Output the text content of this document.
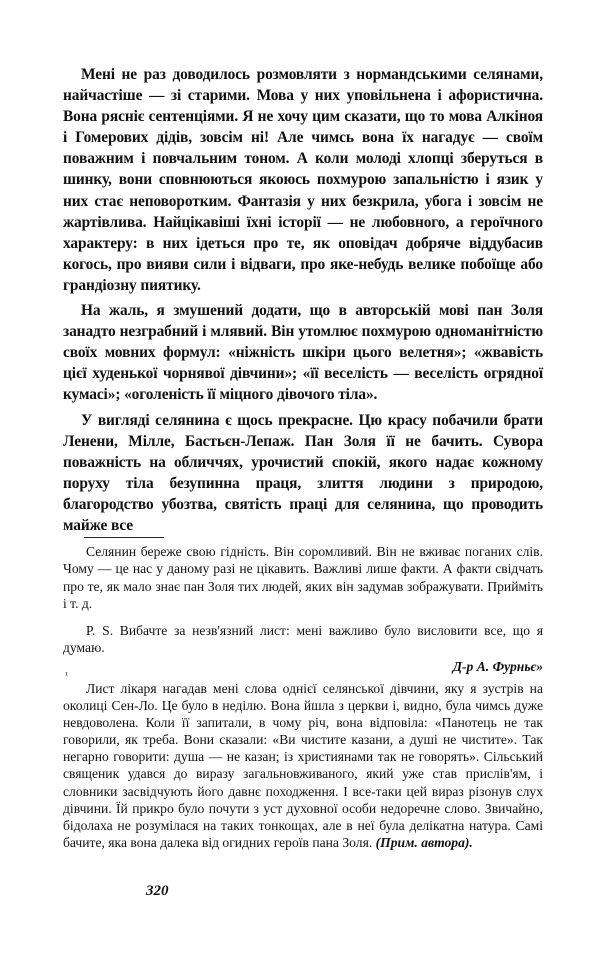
Мені не раз доводилось розмовляти з нормандськими селянами, найчастіше — зі старими. Мова у них уповільнена і афористична. Вона рясніє сентенціями. Я не хочу цим сказати, що то мова Алкіноя і Гомерових дідів, зовсім ні! Але чимсь вона їх нагадує — своїм поважним і повчальним тоном. А коли молоді хлопці зберуться в шинку, вони сповнюються якоюсь похмурою запальністю і язик у них стає неповоротким. Фантазія у них безкрила, убога і зовсім не жартівлива. Найцікавіші їхні історії — не любовного, а героїчного характеру: в них ідеться про те, як оповідач добряче віддубасив когось, про вияви сили і відваги, про яке-небудь велике побоїще або грандіозну пиятику.

На жаль, я змушений додати, що в авторській мові пан Золя занадто незграбний і млявий. Він утомлює похмурою одноманітністю своїх мовних формул: «ніжність шкіри цього велетня»; «жвавість цієї худенької чорнявої дівчини»; «її веселість — веселість огрядної кумасі»; «оголеність її міцного дівочого тіла».

У вигляді селянина є щось прекрасне. Цю красу побачили брати Ленени, Мілле, Бастьєн-Лепаж. Пан Золя її не бачить. Сувора поважність на обличчях, урочистий спокій, якого надає кожному поруху тіла безупинна праця, злиття людини з природою, благородство убозтва, святість праці для селянина, що проводить майже все

Селянин береже свою гідність. Він соромливий. Він не вживає поганих слів. Чому — це нас у даному разі не цікавить. Важливі лише факти. А факти свідчать про те, як мало знає пан Золя тих людей, яких він задумав зображувати. Прийміть і т. д.

P. S. Вибачте за незв'язний лист: мені важливо було висловити все, що я думаю.

Д-р А. Фурньє»
¹

Лист лікаря нагадав мені слова однієї селянської дівчини, яку я зустрів на околиці Сен-Ло. Це було в неділю. Вона йшла з церкви і, видно, була чимсь дуже невдоволена. Коли її запитали, в чому річ, вона відповіла: «Панотець не так говорили, як треба. Вони сказали: «Ви чистите казани, а душі не чистите». Так негарно говорити: душа — не казан; із християнами так не говорять». Сільський священик удався до виразу загальновживаного, який уже став прислів'ям, і словники засвідчують його давнє походження. І все-таки цей вираз різонув слух дівчини. Їй прикро було почути з уст духовної особи недоречне слово. Звичайно, бідолаха не розумілася на таких тонкощах, але в неї була делікатна натура. Самі бачите, яка вона далека від огидних героїв пана Золя. (Прим. автора).

320
